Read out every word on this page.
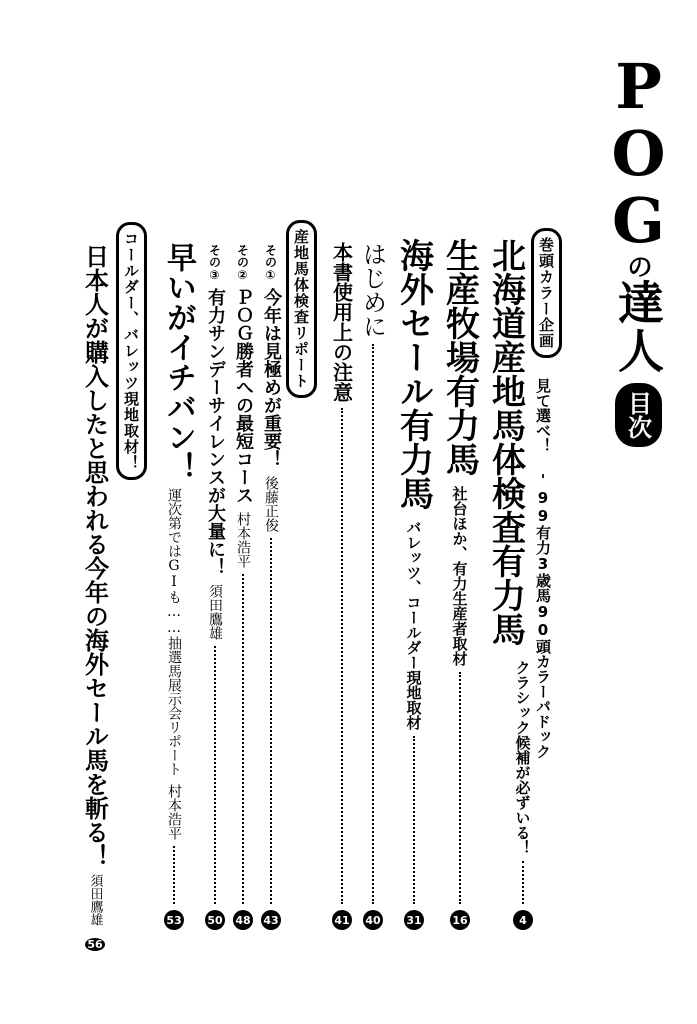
POG
の
達人
目次
巻頭カラー企画
見て選べ！ '99有力3歳馬90頭カラーパドック
北海道産地馬体検査有力馬
クラシック候補が必ずいる！
4
生産牧場有力馬
社台ほか、有力生産者取材
16
海外セール有力馬
バレッツ、コールダー現地取材
31
はじめに
40
本書使用上の注意
41
産地馬体検査リポート
その①
今年は見極めが重要！
後藤正俊
43
その②
ＰＯＧ勝者への最短コース
村本浩平
48
その③
有力サンデーサイレンスが大量に！
須田鷹雄
50
早いがイチバン！
運次第ではGIも……抽選馬展示会リポート
村本浩平
53
コールダー、バレッツ現地取材！
日本人が購入したと思われる今年の海外セール馬を斬る！
須田鷹雄
56
